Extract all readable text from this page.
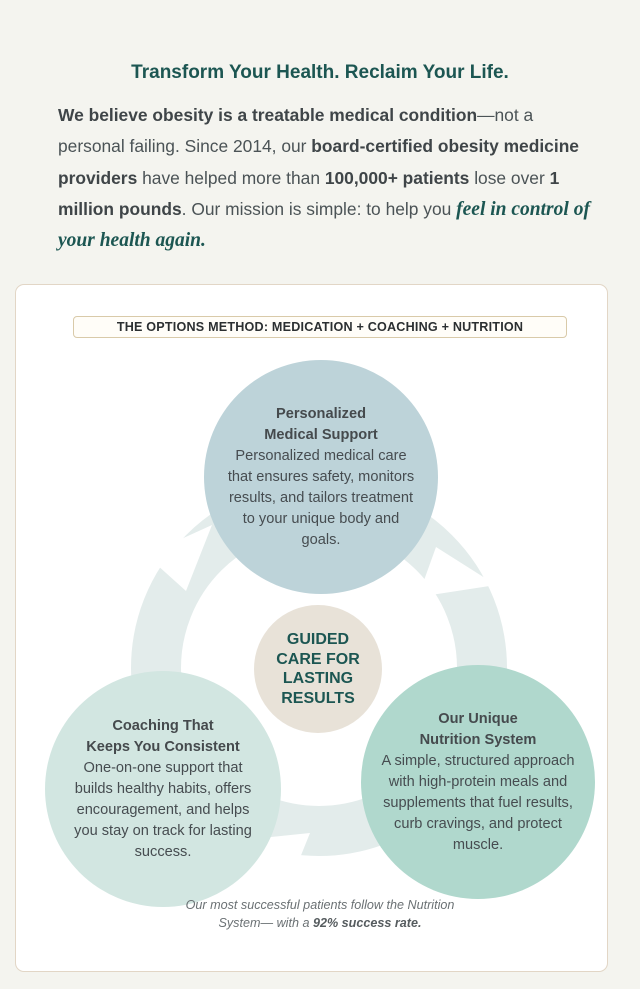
Transform Your Health. Reclaim Your Life.

We believe obesity is a treatable medical condition—not a personal failing. Since 2014, our board-certified obesity medicine providers have helped more than 100,000+ patients lose over 1 million pounds. Our mission is simple: to help you feel in control of your health again.

THE OPTIONS METHOD: MEDICATION + COACHING + NUTRITION

Personalized

Medical Support

Personalized medical care that ensures safety, monitors results, and tailors treatment to your unique body and goals.

Coaching That

Keeps You Consistent

One-on-one support that builds healthy habits, offers encouragement, and helps you stay on track for lasting success.

Our Unique

Nutrition System

A simple, structured approach with high-protein meals and supplements that fuel results, curb cravings, and protect muscle.

GUIDED CARE FOR LASTING RESULTS

Our most successful patients follow the Nutrition System— with a 92% success rate.
